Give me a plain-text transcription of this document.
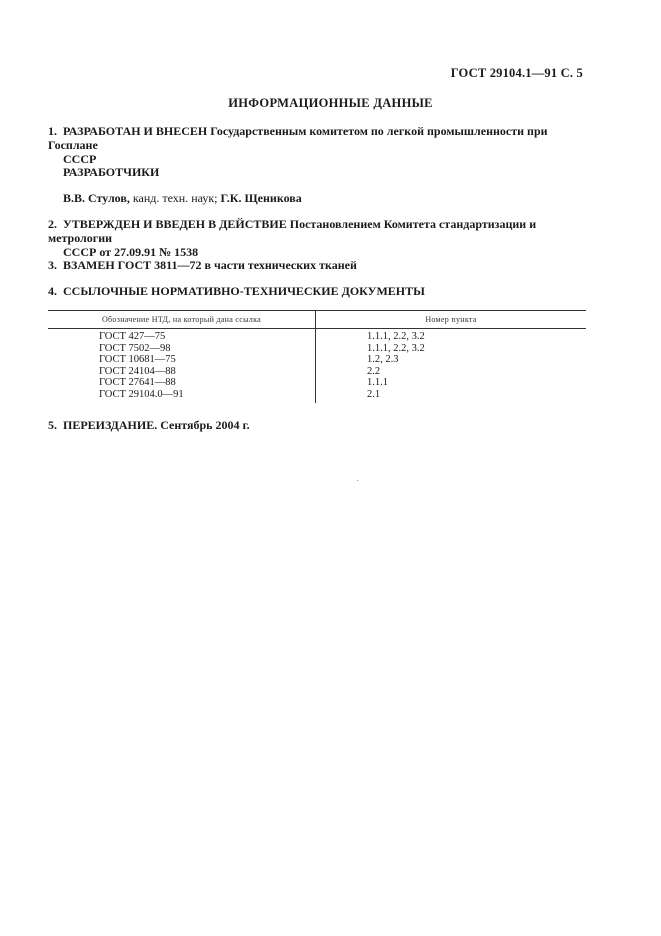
ГОСТ 29104.1—91 С. 5
ИНФОРМАЦИОННЫЕ ДАННЫЕ
1. РАЗРАБОТАН И ВНЕСЕН Государственным комитетом по легкой промышленности при Госплане
СССР
РАЗРАБОТЧИКИ
В.В. Стулов, канд. техн. наук; Г.К. Щеникова
2. УТВЕРЖДЕН И ВВЕДЕН В ДЕЙСТВИЕ Постановлением Комитета стандартизации и метрологии
СССР от 27.09.91 № 1538
3. ВЗАМЕН ГОСТ 3811—72 в части технических тканей
4. ССЫЛОЧНЫЕ НОРМАТИВНО-ТЕХНИЧЕСКИЕ ДОКУМЕНТЫ
Обозначение НТД, на который дана ссылка	Номер пункта
ГОСТ 427—75
ГОСТ 7502—98
ГОСТ 10681—75
ГОСТ 24104—88
ГОСТ 27641—88
ГОСТ 29104.0—91
1.1.1, 2.2, 3.2
1.1.1, 2.2, 3.2
1.2, 2.3
2.2
1.1.1
2.1
5. ПЕРЕИЗДАНИЕ. Сентябрь 2004 г.
